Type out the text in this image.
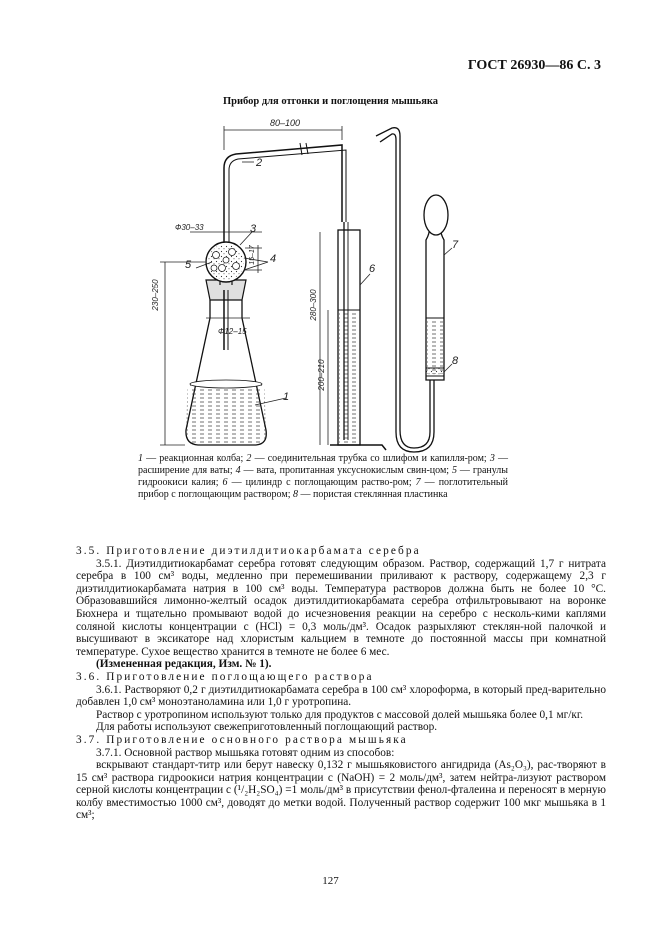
ГОСТ 26930—86 С. 3
Прибор для отгонки и поглощения мышьяка
80–100
Ф30–33
15–17
Ф12–15
230–250	280–300
200–210
1
2
3
4
5	6
7
8
1 — реакционная колба; 2 — соединительная трубка со шлифом и капилля-ром; 3 — расширение для ваты; 4 — вата, пропитанная уксуснокислым свин-цом; 5 — гранулы гидроокиси калия; 6 — цилиндр с поглощающим раство-ром; 7 — поглотительный прибор с поглощающим раствором; 8 — пористая стеклянная пластинка

3.5. Приготовление диэтилдитиокарбамата серебра

3.5.1. Диэтилдитиокарбамат серебра готовят следующим образом. Раствор, содержащий 1,7 г нитрата серебра в 100 см³ воды, медленно при перемешивании приливают к раствору, содержащему 2,3 г диэтилдитиокарбамата натрия в 100 см³ воды. Температура растворов должна быть не более 10 °С. Образовавшийся лимонно-желтый осадок диэтилдитиокарбамата серебра отфильтровывают на воронке Бюхнера и тщательно промывают водой до исчезновения реакции на серебро с несколь-кими каплями соляной кислоты концентрации c (HCl) = 0,3 моль/дм³. Осадок разрыхляют стеклян-ной палочкой и высушивают в эксикаторе над хлористым кальцием в темноте до постоянной массы при комнатной температуре. Сухое вещество хранится в темноте не более 6 мес.

(Измененная редакция, Изм. № 1).

3.6. Приготовление поглощающего раствора

3.6.1. Растворяют 0,2 г диэтилдитиокарбамата серебра в 100 см³ хлороформа, в который пред-варительно добавлен 1,0 см³ моноэтаноламина или 1,0 г уротропина.

Раствор с уротропином используют только для продуктов с массовой долей мышьяка более 0,1 мг/кг.

Для работы используют свежеприготовленный поглощающий раствор.

3.7. Приготовление основного раствора мышьяка

3.7.1. Основной раствор мышьяка готовят одним из способов:

вскрывают стандарт-титр или берут навеску 0,132 г мышьяковистого ангидрида (As₂O₃), рас-творяют в 15 см³ раствора гидроокиси натрия концентрации c (NaOH) = 2 моль/дм³, затем нейтра-лизуют раствором серной кислоты концентрации c (¹/₂H₂SO₄) =1 моль/дм³ в присутствии фенол-фталеина и переносят в мерную колбу вместимостью 1000 см³, доводят до метки водой. Полученный раствор содержит 100 мкг мышьяка в 1 см³;

127
